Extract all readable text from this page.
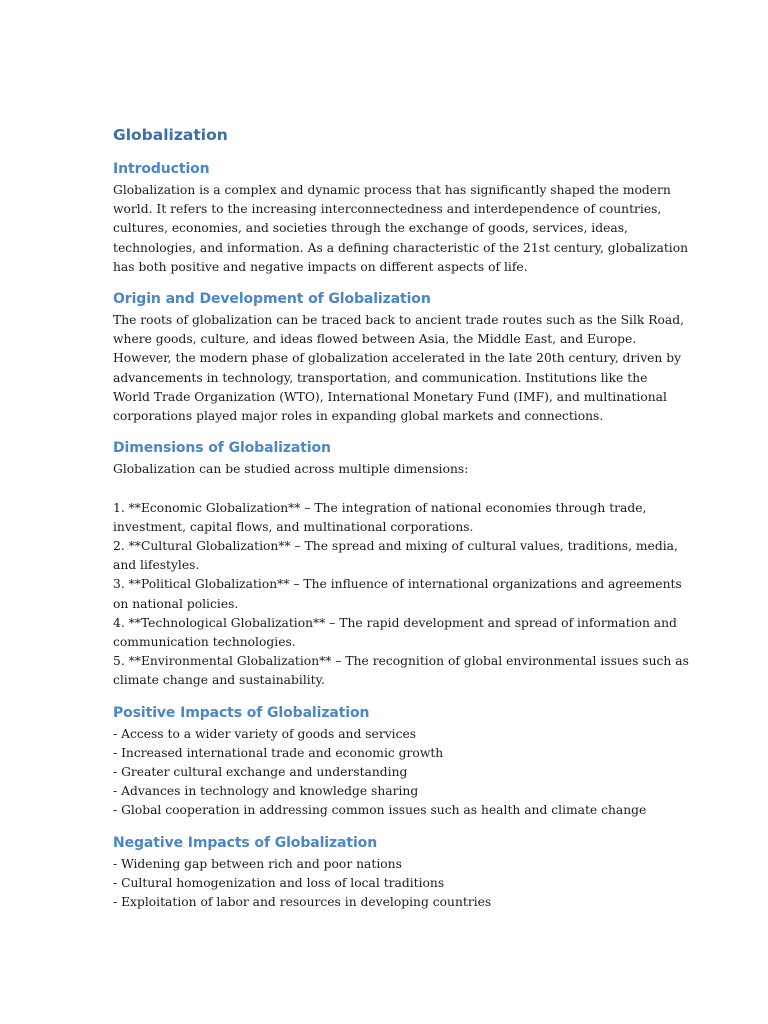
Globalization
Introduction

Globalization is a complex and dynamic process that has significantly shaped the modern
world. It refers to the increasing interconnectedness and interdependence of countries,
cultures, economies, and societies through the exchange of goods, services, ideas,
technologies, and information. As a defining characteristic of the 21st century, globalization
has both positive and negative impacts on different aspects of life.

Origin and Development of Globalization

The roots of globalization can be traced back to ancient trade routes such as the Silk Road,
where goods, culture, and ideas flowed between Asia, the Middle East, and Europe.
However, the modern phase of globalization accelerated in the late 20th century, driven by
advancements in technology, transportation, and communication. Institutions like the
World Trade Organization (WTO), International Monetary Fund (IMF), and multinational
corporations played major roles in expanding global markets and connections.

Dimensions of Globalization

Globalization can be studied across multiple dimensions:
1. **Economic Globalization** – The integration of national economies through trade,
investment, capital flows, and multinational corporations.
2. **Cultural Globalization** – The spread and mixing of cultural values, traditions, media,
and lifestyles.
3. **Political Globalization** – The influence of international organizations and agreements
on national policies.
4. **Technological Globalization** – The rapid development and spread of information and
communication technologies.
5. **Environmental Globalization** – The recognition of global environmental issues such as
climate change and sustainability.

Positive Impacts of Globalization

- Access to a wider variety of goods and services
- Increased international trade and economic growth
- Greater cultural exchange and understanding
- Advances in technology and knowledge sharing
- Global cooperation in addressing common issues such as health and climate change

Negative Impacts of Globalization

- Widening gap between rich and poor nations
- Cultural homogenization and loss of local traditions
- Exploitation of labor and resources in developing countries
